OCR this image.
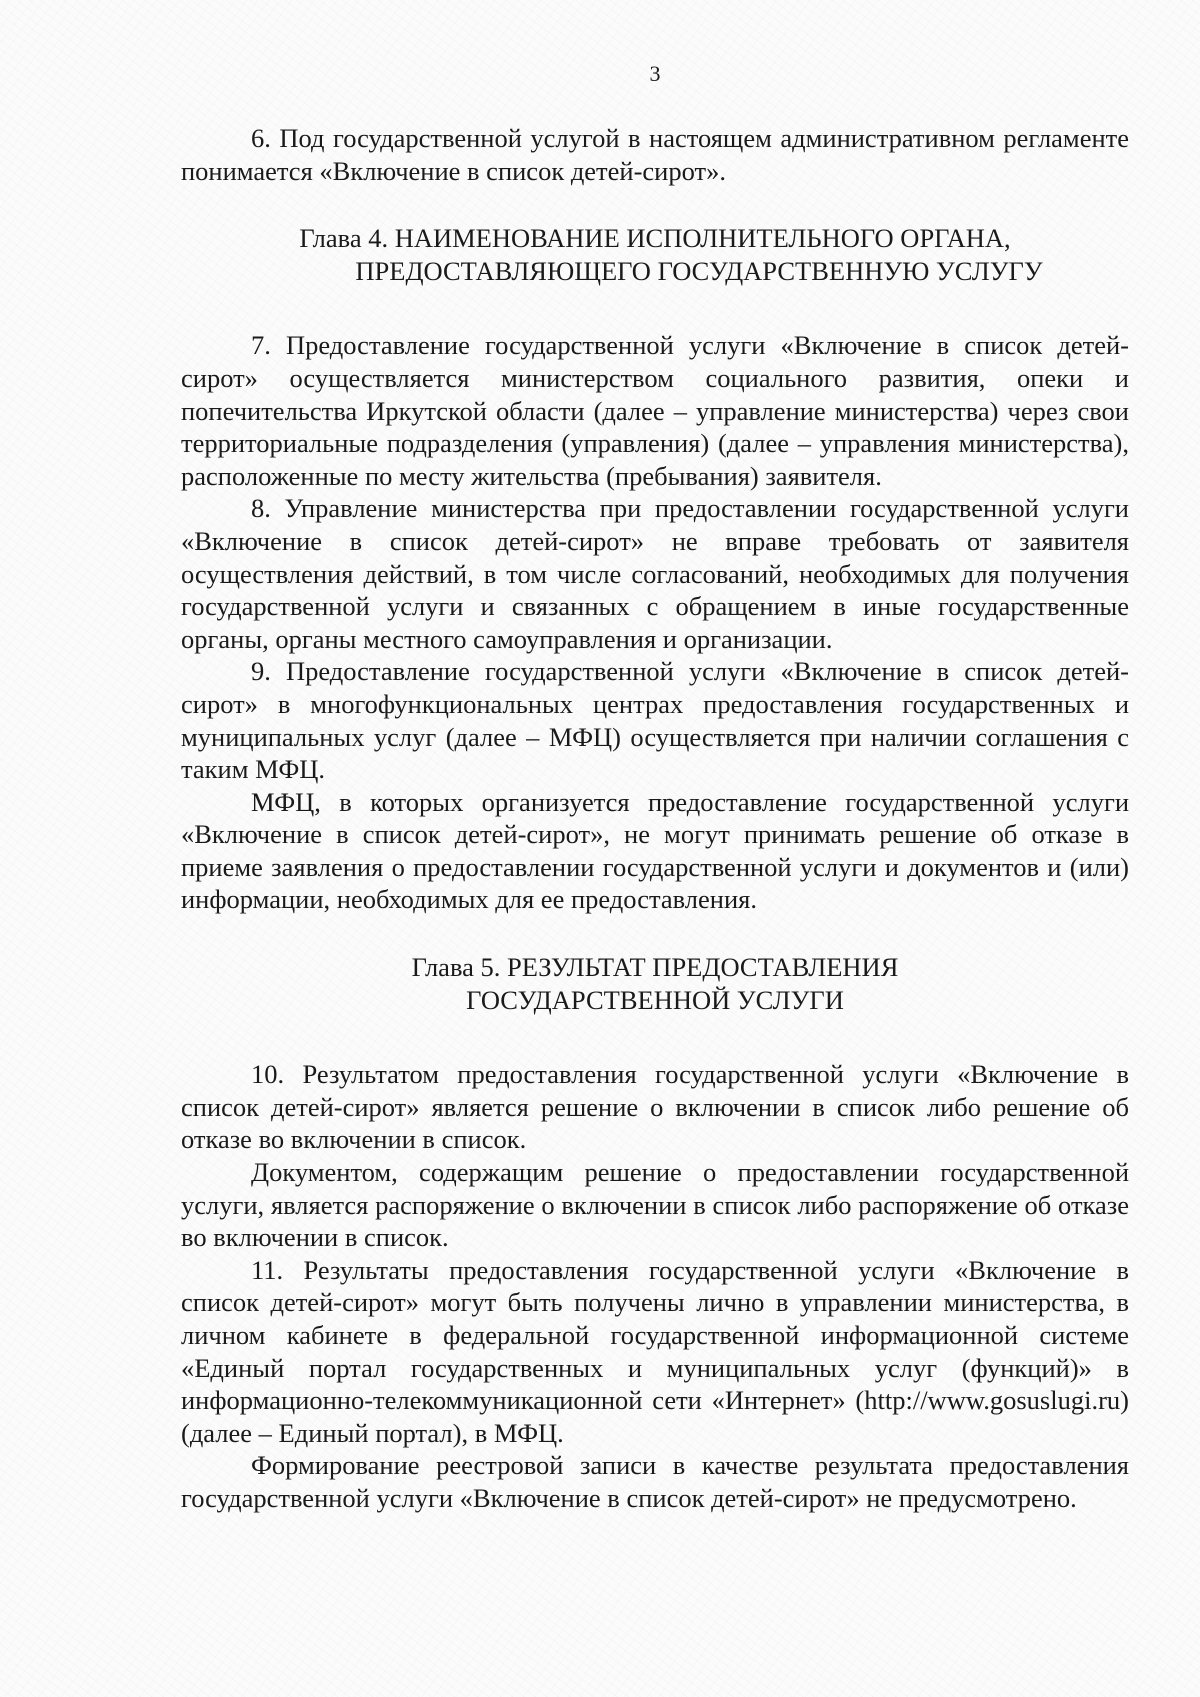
3

6. Под государственной услугой в настоящем административном регламенте понимается «Включение в список детей-сирот».

Глава 4. НАИМЕНОВАНИЕ ИСПОЛНИТЕЛЬНОГО ОРГАНА,
ПРЕДОСТАВЛЯЮЩЕГО ГОСУДАРСТВЕННУЮ УСЛУГУ

7. Предоставление государственной услуги «Включение в список детей-сирот» осуществляется министерством социального развития, опеки и попечительства Иркутской области (далее – управление министерства) через свои территориальные подразделения (управления) (далее – управления министерства), расположенные по месту жительства (пребывания) заявителя.

8. Управление министерства при предоставлении государственной услуги «Включение в список детей-сирот» не вправе требовать от заявителя осуществления действий, в том числе согласований, необходимых для получения государственной услуги и связанных с обращением в иные государственные органы, органы местного самоуправления и организации.

9. Предоставление государственной услуги «Включение в список детей-сирот» в многофункциональных центрах предоставления государственных и муниципальных услуг (далее – МФЦ) осуществляется при наличии соглашения с таким МФЦ.

МФЦ, в которых организуется предоставление государственной услуги «Включение в список детей-сирот», не могут принимать решение об отказе в приеме заявления о предоставлении государственной услуги и документов и (или) информации, необходимых для ее предоставления.

Глава 5. РЕЗУЛЬТАТ ПРЕДОСТАВЛЕНИЯ
ГОСУДАРСТВЕННОЙ УСЛУГИ

10. Результатом предоставления государственной услуги «Включение в список детей-сирот» является решение о включении в список либо решение об отказе во включении в список.

Документом, содержащим решение о предоставлении государственной услуги, является распоряжение о включении в список либо распоряжение об отказе во включении в список.

11. Результаты предоставления государственной услуги «Включение в список детей-сирот» могут быть получены лично в управлении министерства, в личном кабинете в федеральной государственной информационной системе «Единый портал государственных и муниципальных услуг (функций)» в информационно-телекоммуникационной сети «Интернет» (http://www.gosuslugi.ru) (далее – Единый портал), в МФЦ.

Формирование реестровой записи в качестве результата предоставления государственной услуги «Включение в список детей-сирот» не предусмотрено.
